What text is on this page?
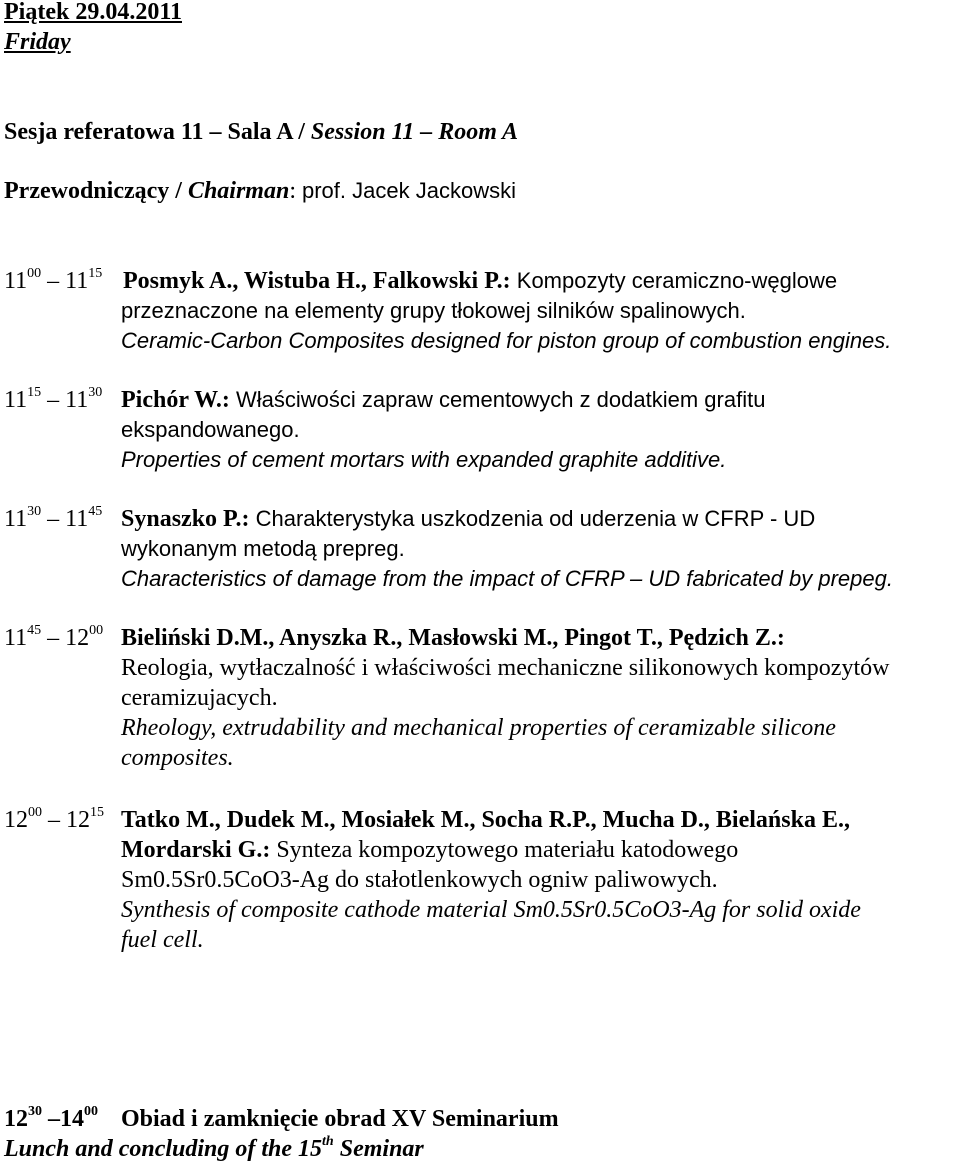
Piątek 29.04.2011
Friday
Sesja referatowa 11 – Sala A / Session 11 – Room A
Przewodniczący / Chairman: prof. Jacek Jackowski
$11^{00} - 11^{15}$ Posmyk A., Wistuba H., Falkowski P.: Kompozyty ceramiczno-węglowe
przeznaczone na elementy grupy tłokowej silników spalinowych.
Ceramic-Carbon Composites designed for piston group of combustion engines.
$11^{15} - 11^{30}$ Pichór W.: Właściwości zapraw cementowych z dodatkiem grafitu
ekspandowanego.
Properties of cement mortars with expanded graphite additive.
$11^{30} - 11^{45}$ Synaszko P.: Charakterystyka uszkodzenia od uderzenia w CFRP - UD
wykonanym metodą prepreg.
Characteristics of damage from the impact of CFRP – UD fabricated by prepeg.
$11^{45} - 12^{00}$ Bieliński D.M., Anyszka R., Masłowski M., Pingot T., Pędzich Z.:
Reologia, wytłaczalność i właściwości mechaniczne silikonowych kompozytów
ceramizujacych.
Rheology, extrudability and mechanical properties of ceramizable silicone
composites.
$12^{00} - 12^{15}$ Tatko M., Dudek M., Mosiałek M., Socha R.P., Mucha D., Bielańska E.,
Mordarski G.: Synteza kompozytowego materiału katodowego
Sm0.5Sr0.5CoO3-Ag do stałotlenkowych ogniw paliwowych.
Synthesis of composite cathode material Sm0.5Sr0.5CoO3-Ag for solid oxide
fuel cell.
$12^{30}$ $-14^{00}$ Obiad i zamknięcie obrad XV Seminarium
Lunch and concluding of the 15th Seminar
